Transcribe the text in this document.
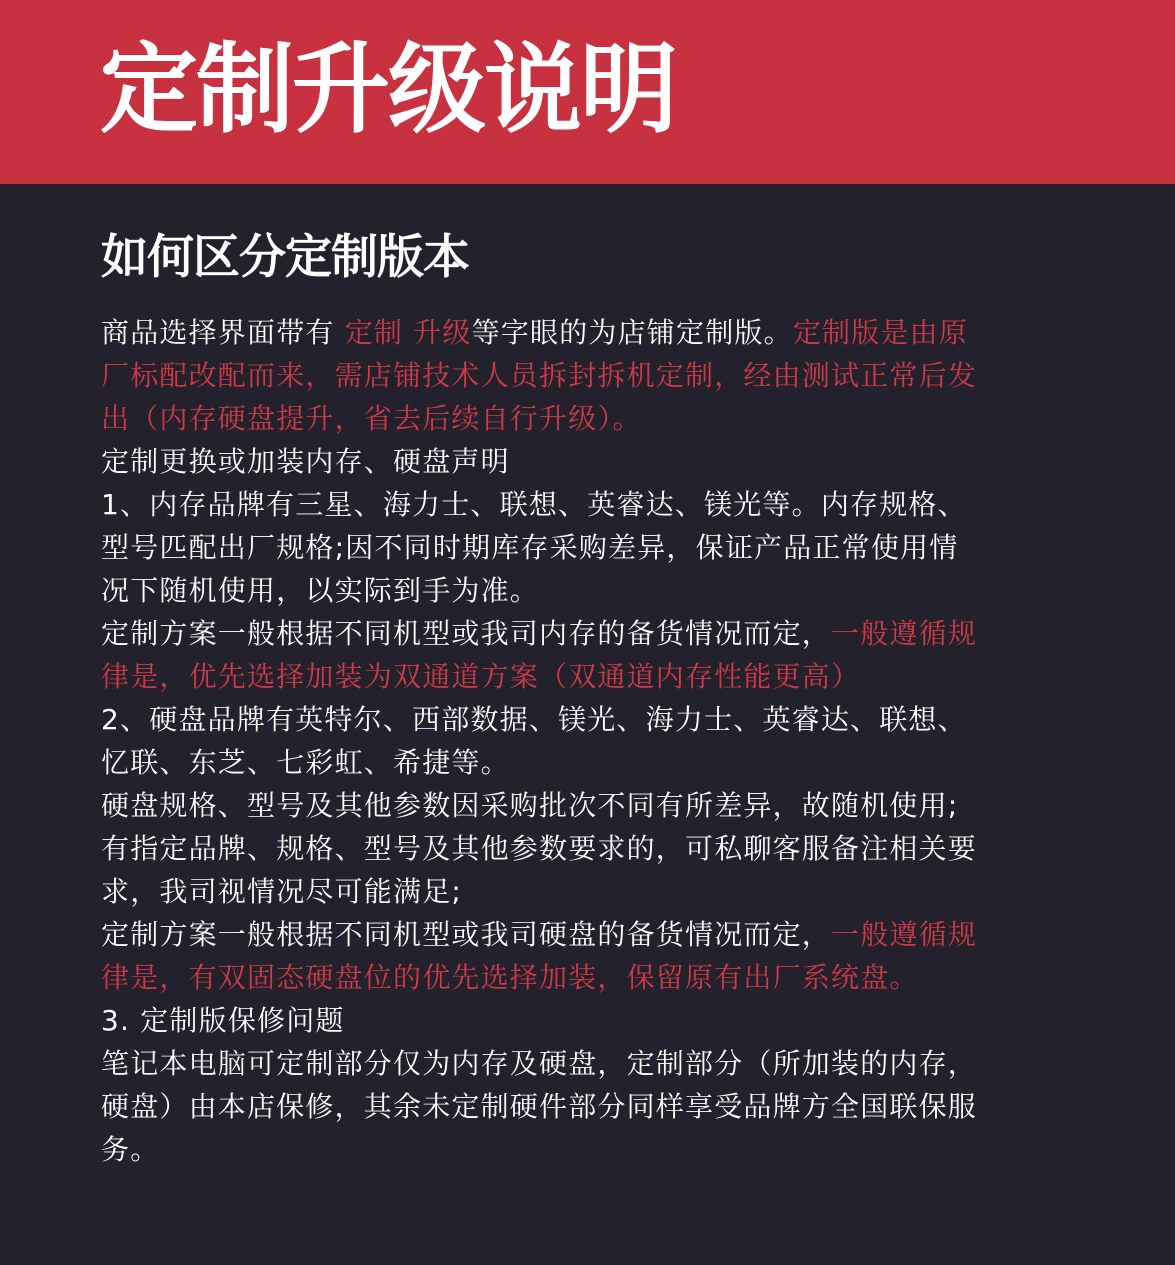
定制升级说明
如何区分定制版本
商品选择界面带有 定制 升级等字眼的为店铺定制版。定制版是由原
厂标配改配而来，需店铺技术人员拆封拆机定制，经由测试正常后发
出（内存硬盘提升，省去后续自行升级）。
定制更换或加装内存、硬盘声明
1、内存品牌有三星、海力士、联想、英睿达、镁光等。内存规格、
型号匹配出厂规格;因不同时期库存采购差异，保证产品正常使用情
况下随机使用，以实际到手为准。
定制方案一般根据不同机型或我司内存的备货情况而定，一般遵循规
律是，优先选择加装为双通道方案（双通道内存性能更高）
2、硬盘品牌有英特尔、西部数据、镁光、海力士、英睿达、联想、
忆联、东芝、七彩虹、希捷等。
硬盘规格、型号及其他参数因采购批次不同有所差异，故随机使用;
有指定品牌、规格、型号及其他参数要求的，可私聊客服备注相关要
求，我司视情况尽可能满足;
定制方案一般根据不同机型或我司硬盘的备货情况而定，一般遵循规
律是，有双固态硬盘位的优先选择加装，保留原有出厂系统盘。
3. 定制版保修问题
笔记本电脑可定制部分仅为内存及硬盘，定制部分（所加装的内存，
硬盘）由本店保修，其余未定制硬件部分同样享受品牌方全国联保服
务。
